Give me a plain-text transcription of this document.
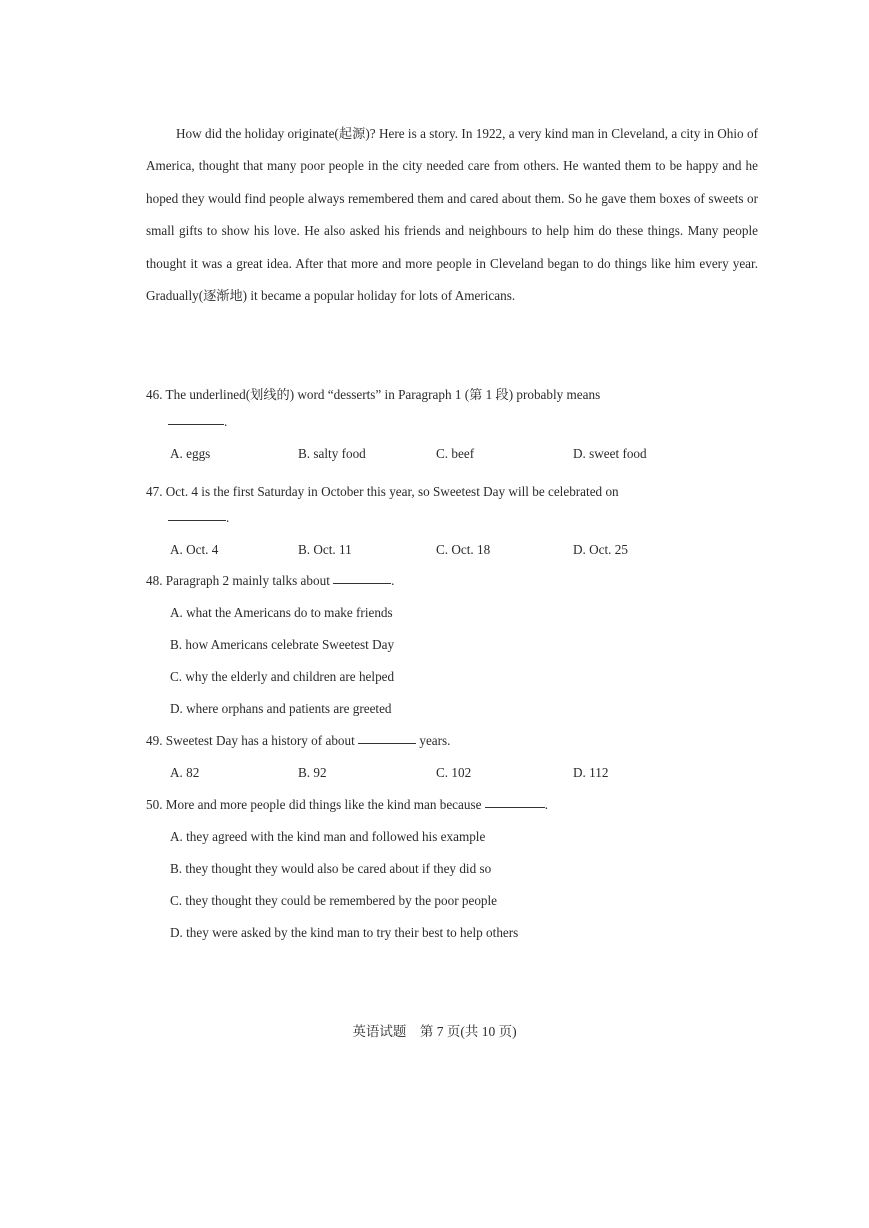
How did the holiday originate(起源)? Here is a story. In 1922, a very kind man in Cleveland, a city in Ohio of America, thought that many poor people in the city needed care from others. He wanted them to be happy and he hoped they would find people always remembered them and cared about them. So he gave them boxes of sweets or small gifts to show his love. He also asked his friends and neighbours to help him do these things. Many people thought it was a great idea. After that more and more people in Cleveland began to do things like him every year. Gradually(逐渐地) it became a popular holiday for lots of Americans.

46. The underlined(划线的) word “desserts” in Paragraph 1 (第 1 段) probably means
.
A. eggs	B. salty food	C. beef	D. sweet food
47. Oct. 4 is the first Saturday in October this year, so Sweetest Day will be celebrated on
.
A. Oct. 4	B. Oct. 11	C. Oct. 18	D. Oct. 25
48. Paragraph 2 mainly talks about	.
A. what the Americans do to make friends
B. how Americans celebrate Sweetest Day
C. why the elderly and children are helped
D. where orphans and patients are greeted
49. Sweetest Day has a history of about	years.
A. 82	B. 92	C. 102	D. 112
50. More and more people did things like the kind man because	.
A. they agreed with the kind man and followed his example
B. they thought they would also be cared about if they did so
C. they thought they could be remembered by the poor people
D. they were asked by the kind man to try their best to help others
英语试题　第 7 页(共 10 页)
